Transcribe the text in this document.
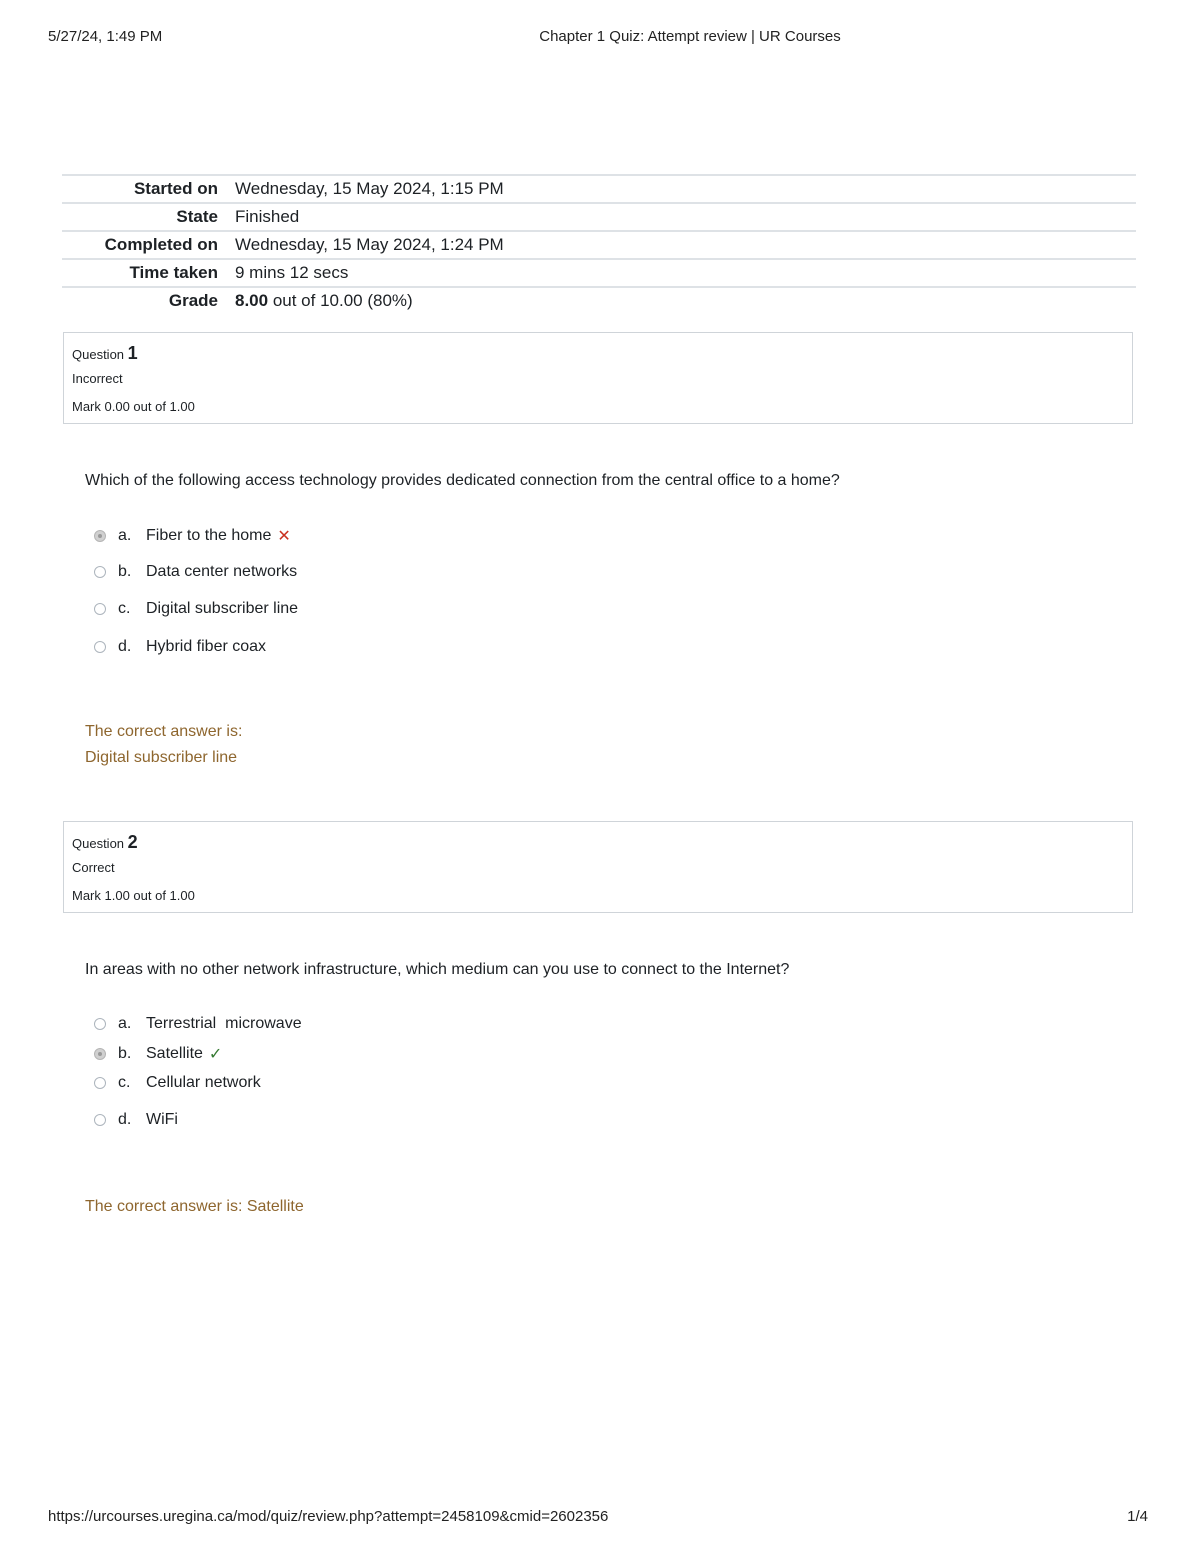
5/27/24, 1:49 PM	Chapter 1 Quiz: Attempt review | UR Courses
Started on	Wednesday, 15 May 2024, 1:15 PM
State	Finished
Completed on	Wednesday, 15 May 2024, 1:24 PM
Time taken	9 mins 12 secs
Grade	8.00 out of 10.00 (80%)
Question 1
Incorrect
Mark 0.00 out of 1.00
Which of the following access technology provides dedicated connection from the central office to a home?
a. Fiber to the home ✕
b. Data center networks
c. Digital subscriber line
d. Hybrid fiber coax
The correct answer is:
Digital subscriber line
Question 2
Correct
Mark 1.00 out of 1.00
In areas with no other network infrastructure, which medium can you use to connect to the Internet?
a. Terrestrial  microwave
b. Satellite ✓
c. Cellular network
d. WiFi
The correct answer is: Satellite
https://urcourses.uregina.ca/mod/quiz/review.php?attempt=2458109&cmid=2602356	1/4
